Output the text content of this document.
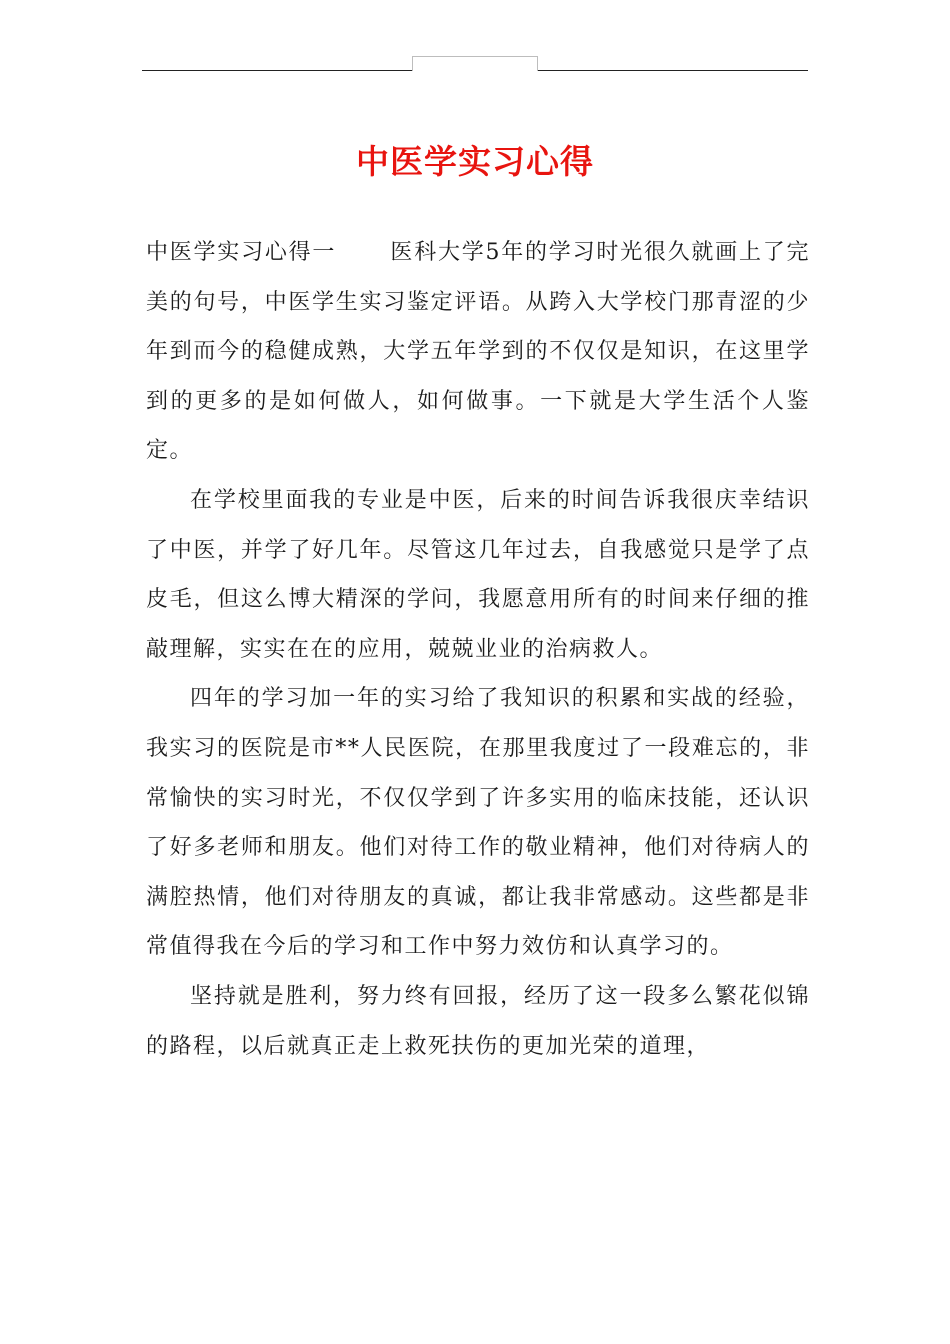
中医学实习心得

中医学实习心得一 医科大学5年的学习时光很久就画上了完美的句号，中医学生实习鉴定评语。从跨入大学校门那青涩的少年到而今的稳健成熟，大学五年学到的不仅仅是知识，在这里学到的更多的是如何做人，如何做事。一下就是大学生活个人鉴定。

在学校里面我的专业是中医，后来的时间告诉我很庆幸结识了中医，并学了好几年。尽管这几年过去，自我感觉只是学了点皮毛，但这么博大精深的学问，我愿意用所有的时间来仔细的推敲理解，实实在在的应用，兢兢业业的治病救人。

四年的学习加一年的实习给了我知识的积累和实战的经验，我实习的医院是市**人民医院，在那里我度过了一段难忘的，非常愉快的实习时光，不仅仅学到了许多实用的临床技能，还认识了好多老师和朋友。他们对待工作的敬业精神，他们对待病人的满腔热情，他们对待朋友的真诚，都让我非常感动。这些都是非常值得我在今后的学习和工作中努力效仿和认真学习的。

坚持就是胜利，努力终有回报，经历了这一段多么繁花似锦的路程，以后就真正走上救死扶伤的更加光荣的道理，
